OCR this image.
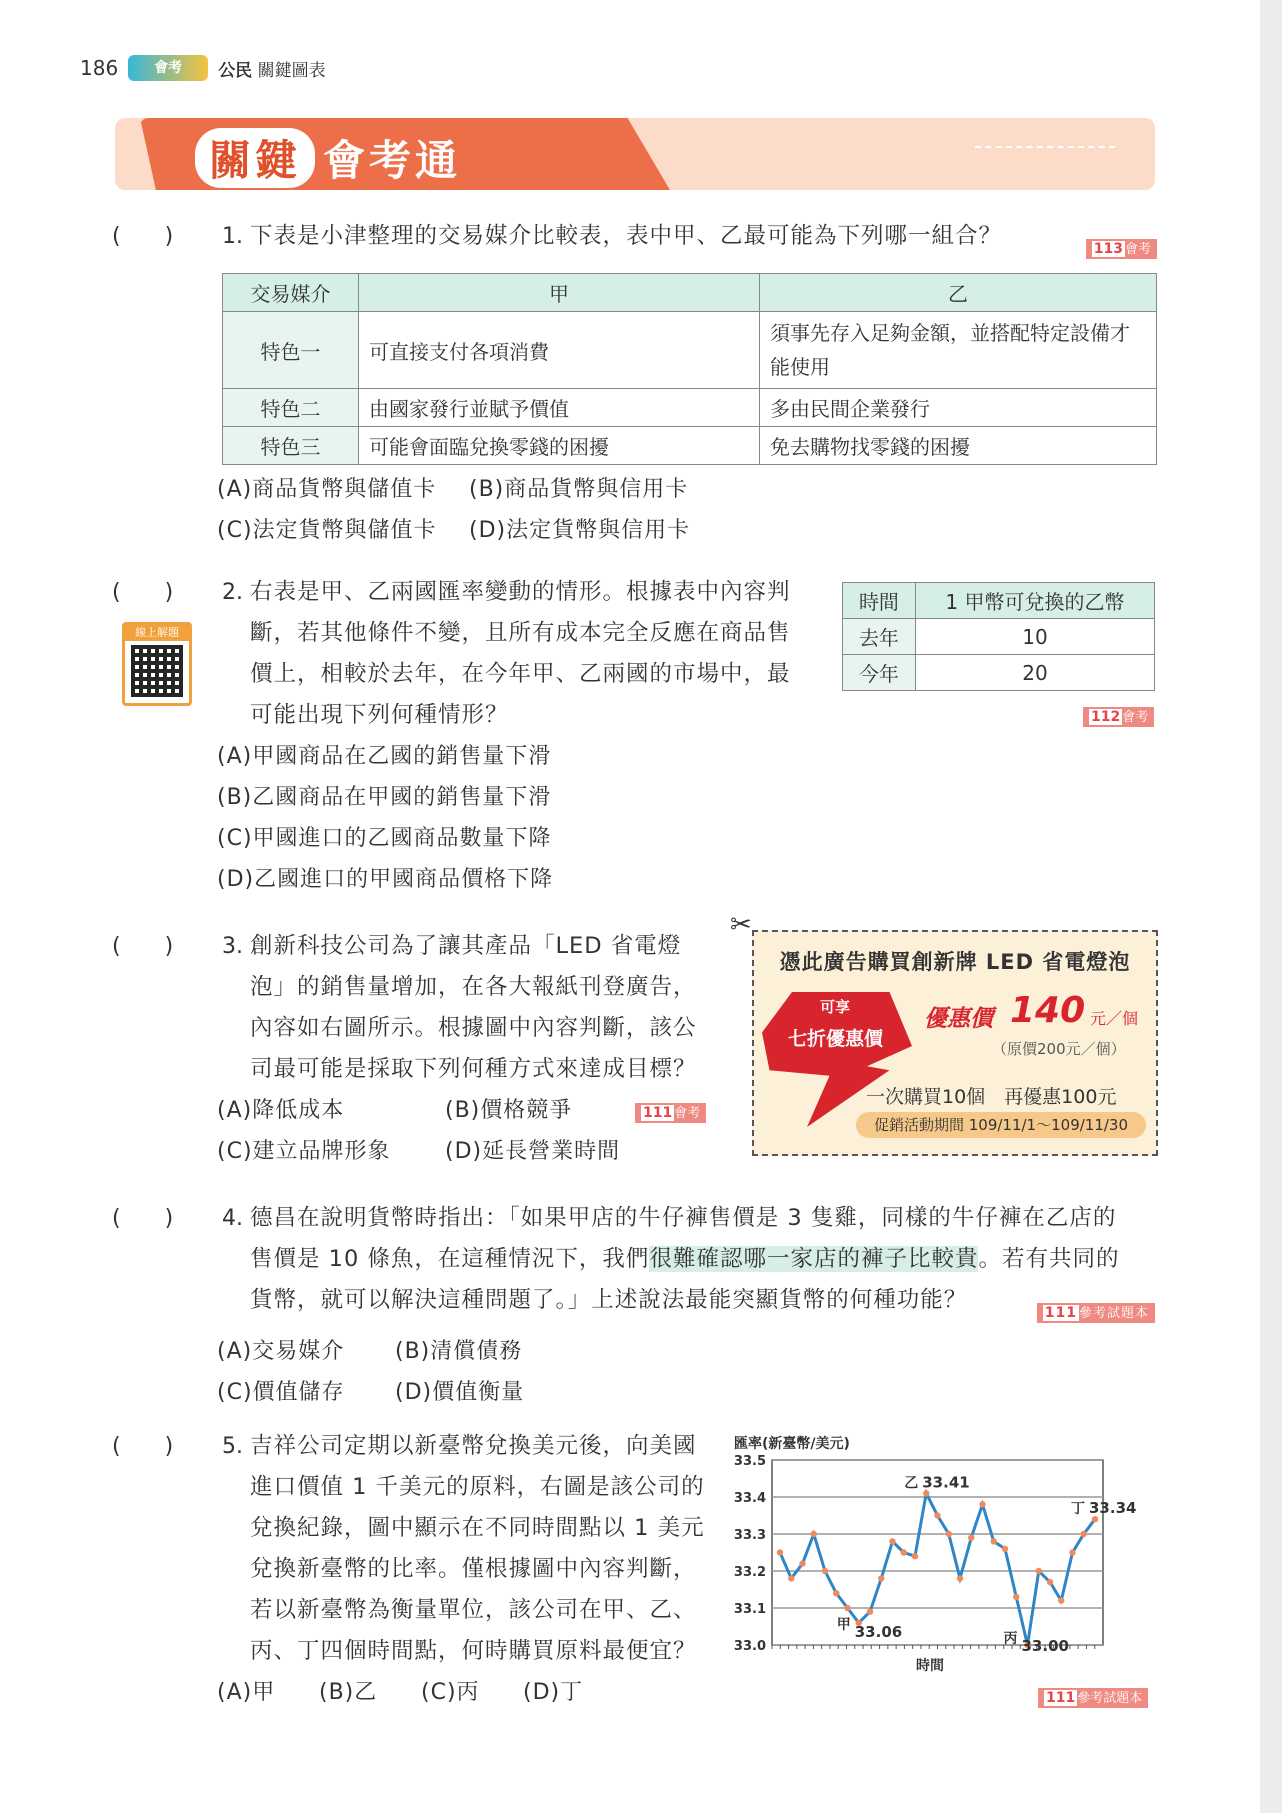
186	會考	公民 關鍵圖表
關鍵 會考通
(　　)	1. 下表是小津整理的交易媒介比較表，表中甲、乙最可能為下列哪一組合？	113 會考
交易媒介	甲	乙
特色一	可直接支付各項消費	須事先存入足夠金額，並搭配特定設備才能使用
特色二	由國家發行並賦予價值	多由民間企業發行
特色三	可能會面臨兌換零錢的困擾	免去購物找零錢的困擾
(A)商品貨幣與儲值卡 (B)商品貨幣與信用卡
(C)法定貨幣與儲值卡 (D)法定貨幣與信用卡
(　　)	2. 右表是甲、乙兩國匯率變動的情形。根據表中內容判
斷，若其他條件不變，且所有成本完全反應在商品售
價上，相較於去年，在今年甲、乙兩國的市場中，最
可能出現下列何種情形？
(A)甲國商品在乙國的銷售量下滑
(B)乙國商品在甲國的銷售量下滑
(C)甲國進口的乙國商品數量下降
(D)乙國進口的甲國商品價格下降
線上解題
時間	1 甲幣可兌換的乙幣
去年	10
今年	20
112 會考
(　　)	3. 創新科技公司為了讓其產品「LED 省電燈
泡」的銷售量增加，在各大報紙刊登廣告，
內容如右圖所示。根據圖中內容判斷，該公
司最可能是採取下列何種方式來達成目標？
(A)降低成本	(B)價格競爭	111 會考
(C)建立品牌形象 (D)延長營業時間
✂
憑此廣告購買創新牌 LED 省電燈泡
可享
七折優惠價
優惠價 140 元／個
（原價200元／個）
一次購買10個　再優惠100元
促銷活動期間 109/11/1～109/11/30
(　　)	4. 德昌在說明貨幣時指出：「如果甲店的牛仔褲售價是 3 隻雞，同樣的牛仔褲在乙店的
售價是 10 條魚，在這種情況下，我們很難確認哪一家店的褲子比較貴。若有共同的
貨幣，就可以解決這種問題了。」上述說法最能突顯貨幣的何種功能？	111 參考試題本
(A)交易媒介 (B)清償債務
(C)價值儲存 (D)價值衡量
(　　)	5. 吉祥公司定期以新臺幣兌換美元後，向美國
進口價值 1 千美元的原料，右圖是該公司的
兌換紀錄，圖中顯示在不同時間點以 1 美元
兌換新臺幣的比率。僅根據圖中內容判斷，
若以新臺幣為衡量單位，該公司在甲、乙、
丙、丁四個時間點，何時購買原料最便宜？
(A)甲 (B)乙 (C)丙 (D)丁	111 參考試題本
匯率(新臺幣/美元)
33.5
33.4
33.3
33.2
33.1
33.0
甲 33.06
乙 33.41
丙 33.00
丁 33.34
時間
